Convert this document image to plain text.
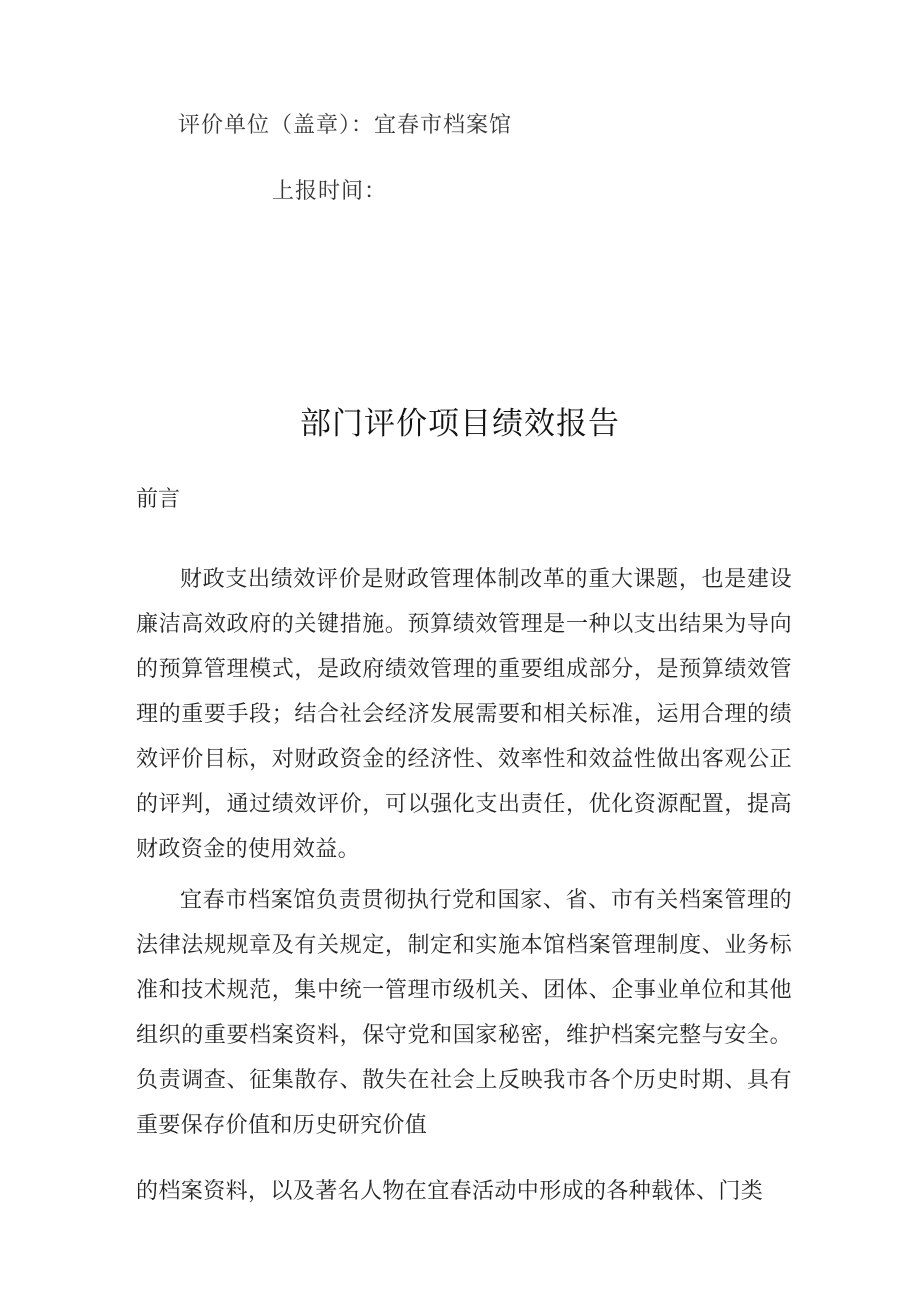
评价单位（盖章）：宜春市档案馆
上报时间：
部门评价项目绩效报告
前言

财政支出绩效评价是财政管理体制改革的重大课题，也是建设廉洁高效政府的关键措施。预算绩效管理是一种以支出结果为导向的预算管理模式，是政府绩效管理的重要组成部分，是预算绩效管理的重要手段；结合社会经济发展需要和相关标准，运用合理的绩效评价目标，对财政资金的经济性、效率性和效益性做出客观公正的评判，通过绩效评价，可以强化支出责任，优化资源配置，提高财政资金的使用效益。

宜春市档案馆负责贯彻执行党和国家、省、市有关档案管理的法律法规规章及有关规定，制定和实施本馆档案管理制度、业务标准和技术规范，集中统一管理市级机关、团体、企事业单位和其他组织的重要档案资料，保守党和国家秘密，维护档案完整与安全。负责调查、征集散存、散失在社会上反映我市各个历史时期、具有重要保存价值和历史研究价值

的档案资料，以及著名人物在宜春活动中形成的各种载体、门类
